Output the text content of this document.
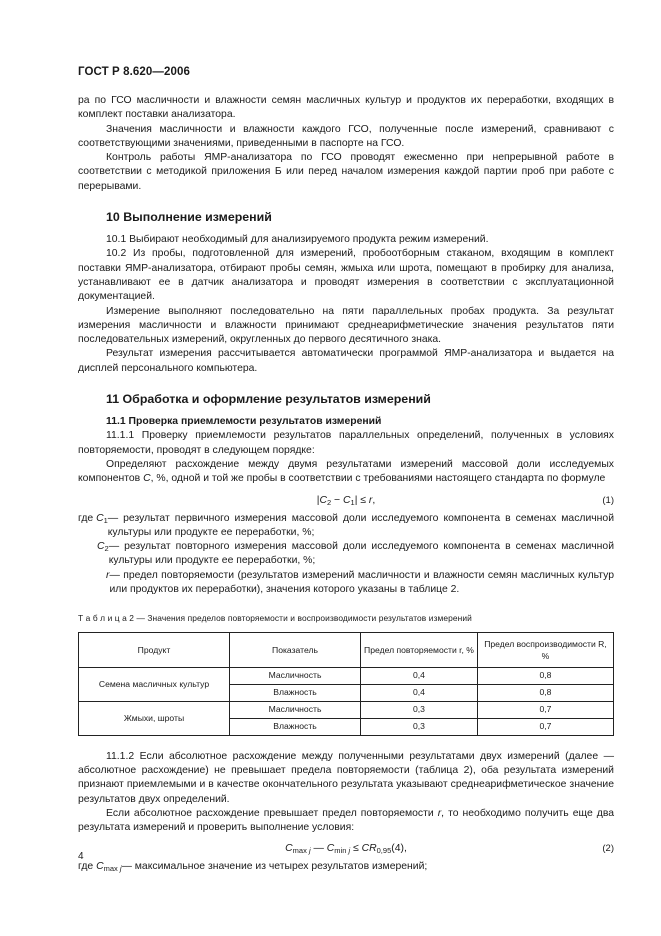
ГОСТ Р 8.620—2006

ра по ГСО масличности и влажности семян масличных культур и продуктов их переработки, входящих в комплект поставки анализатора.

Значения масличности и влажности каждого ГСО, полученные после измерений, сравнивают с соответствующими значениями, приведенными в паспорте на ГСО.

Контроль работы ЯМР-анализатора по ГСО проводят ежесменно при непрерывной работе в соответствии с методикой приложения Б или перед началом измерения каждой партии проб при работе с перерывами.

10 Выполнение измерений

10.1 Выбирают необходимый для анализируемого продукта режим измерений.

10.2 Из пробы, подготовленной для измерений, пробоотборным стаканом, входящим в комплект поставки ЯМР-анализатора, отбирают пробы семян, жмыха или шрота, помещают в пробирку для анализа, устанавливают ее в датчик анализатора и проводят измерения в соответствии с эксплуатационной документацией.

Измерение выполняют последовательно на пяти параллельных пробах продукта. За результат измерения масличности и влажности принимают среднеарифметические значения результатов пяти последовательных измерений, округленных до первого десятичного знака.

Результат измерения рассчитывается автоматически программой ЯМР-анализатора и выдается на дисплей персонального компьютера.

11 Обработка и оформление результатов измерений
11.1 Проверка приемлемости результатов измерений

11.1.1 Проверку приемлемости результатов параллельных определений, полученных в условиях повторяемости, проводят в следующем порядке:

Определяют расхождение между двумя результатами измерений массовой доли исследуемых компонентов C, %, одной и той же пробы в соответствии с требованиями настоящего стандарта по формуле

$|C_2 - C_1| \le r$,	(1)
где $C_1$ — результат первичного измерения массовой доли исследуемого компонента в семенах масличной культуры или продукте ее переработки, %;
$C_2$ — результат повторного измерения массовой доли исследуемого компонента в семенах масличной культуры или продукте ее переработки, %;
r — предел повторяемости (результатов измерений масличности и влажности семян масличных культур или продуктов их переработки), значения которого указаны в таблице 2.
Т а б л и ц а 2 — Значения пределов повторяемости и воспроизводимости результатов измерений
Продукт	Показатель	Предел повторяемости r, %	Предел воспроизводимости R, %
Семена масличных культур	Масличность	0,4	0,8
	Влажность	0,4	0,8
Жмыхи, шроты	Масличность	0,3	0,7
	Влажность	0,3	0,7

11.1.2 Если абсолютное расхождение между полученными результатами двух измерений (далее — абсолютное расхождение) не превышает предела повторяемости (таблица 2), оба результата измерений признают приемлемыми и в качестве окончательного результата указывают среднеарифметическое значение результатов двух определений.

Если абсолютное расхождение превышает предел повторяемости r, то необходимо получить еще два результата измерений и проверить выполнение условия:

$C_{max j}$ — $C_{min j} \le CR_{0,95}(4)$,	(2)
где $C_{max j}$ — максимальное значение из четырех результатов измерений;
4
